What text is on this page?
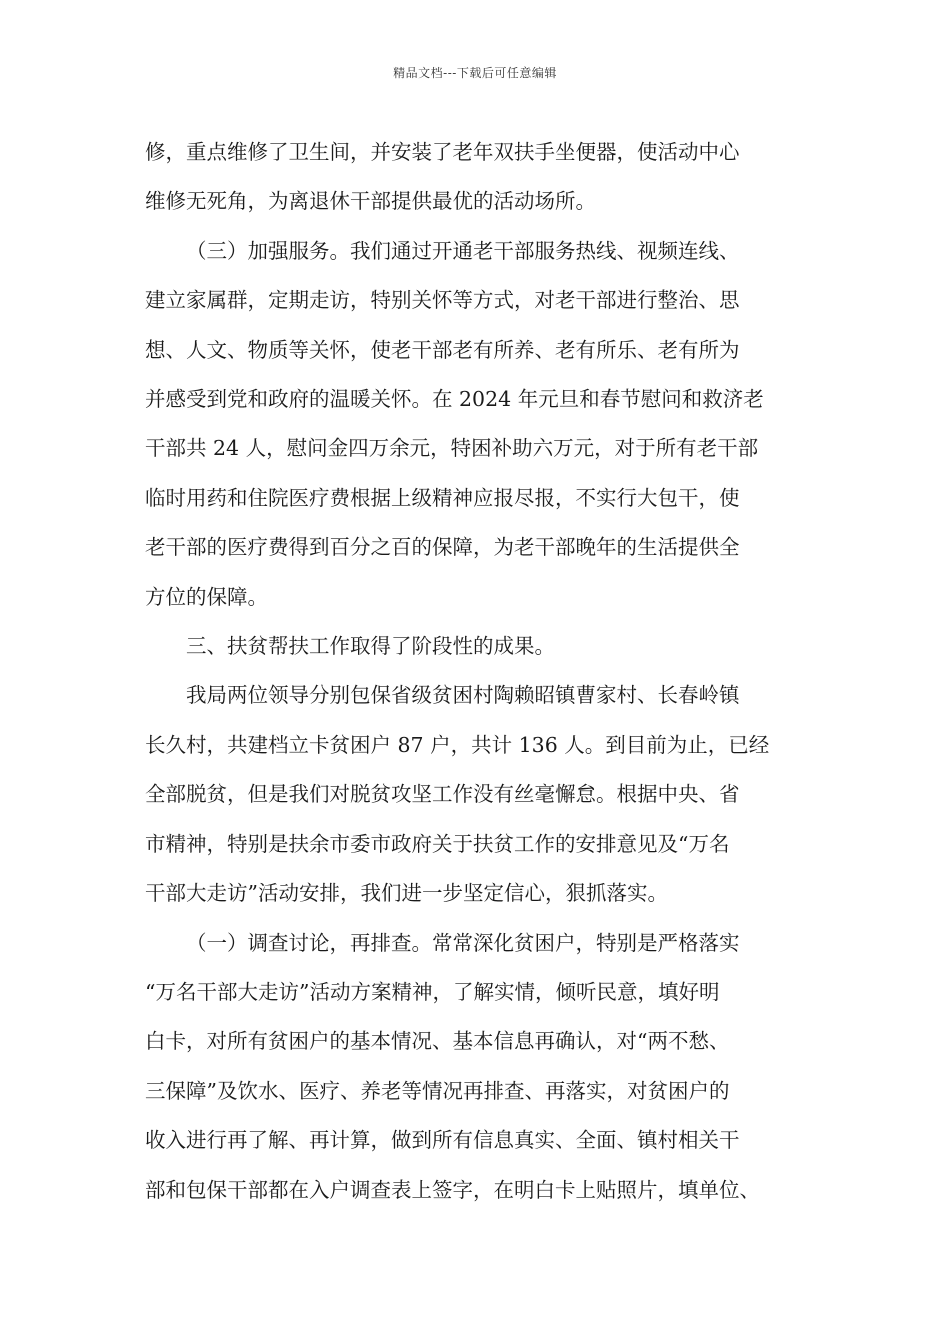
精品文档---下载后可任意编辑

修，重点维修了卫生间，并安装了老年双扶手坐便器，使活动中心
维修无死角，为离退休干部提供最优的活动场所。

（三）加强服务。我们通过开通老干部服务热线、视频连线、
建立家属群，定期走访，特别关怀等方式，对老干部进行整治、思
想、人文、物质等关怀，使老干部老有所养、老有所乐、老有所为
并感受到党和政府的温暖关怀。在 2024 年元旦和春节慰问和救济老
干部共 24 人，慰问金四万余元，特困补助六万元，对于所有老干部
临时用药和住院医疗费根据上级精神应报尽报，不实行大包干，使
老干部的医疗费得到百分之百的保障，为老干部晚年的生活提供全
方位的保障。

三、扶贫帮扶工作取得了阶段性的成果。

我局两位领导分别包保省级贫困村陶赖昭镇曹家村、长春岭镇
长久村，共建档立卡贫困户 87 户，共计 136 人。到目前为止，已经
全部脱贫，但是我们对脱贫攻坚工作没有丝毫懈怠。根据中央、省
市精神，特别是扶余市委市政府关于扶贫工作的安排意见及“万名
干部大走访”活动安排，我们进一步坚定信心，狠抓落实。

（一）调查讨论，再排查。常常深化贫困户，特别是严格落实
“万名干部大走访”活动方案精神，了解实情，倾听民意，填好明
白卡，对所有贫困户的基本情况、基本信息再确认，对“两不愁、
三保障”及饮水、医疗、养老等情况再排查、再落实，对贫困户的
收入进行再了解、再计算，做到所有信息真实、全面、镇村相关干
部和包保干部都在入户调查表上签字，在明白卡上贴照片，填单位、
